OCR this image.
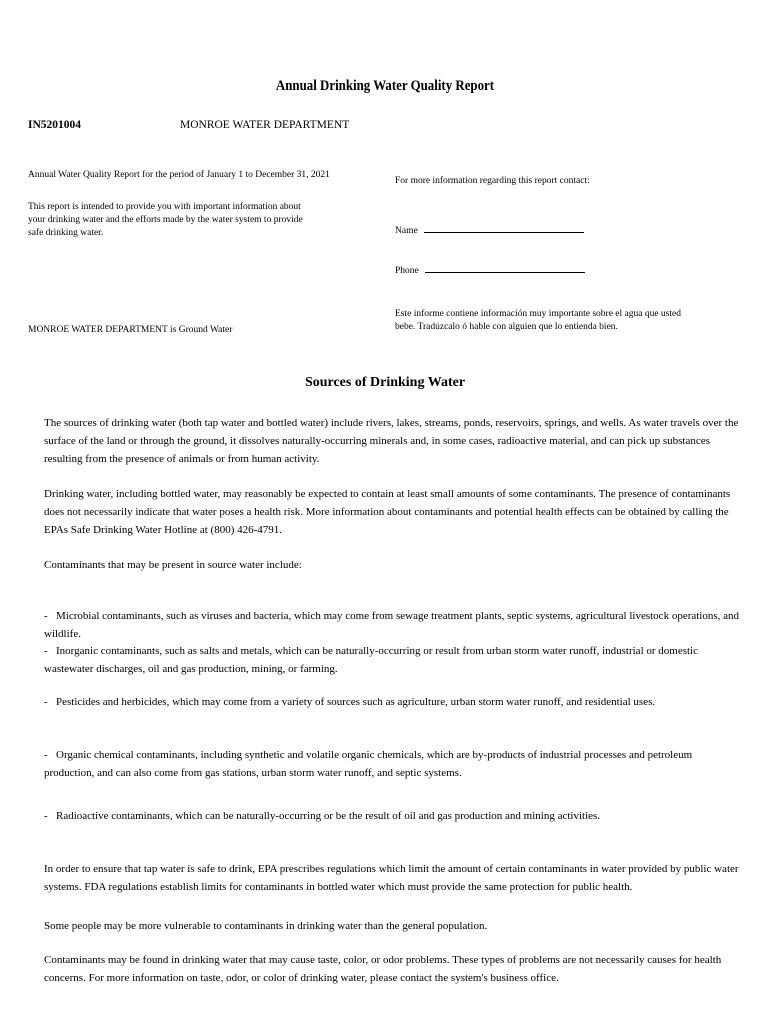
Annual Drinking Water Quality Report
IN5201004	MONROE WATER DEPARTMENT
Annual Water Quality Report for the period of January 1 to December 31, 2021
This report is intended to provide you with important information about your drinking water and the efforts made by the water system to provide safe drinking water.
For more information regarding this report contact:
Name
Phone
Este informe contiene información muy importante sobre el agua que usted bebe. Tradúzcalo ó hable con alguien que lo entienda bien.
MONROE WATER DEPARTMENT is Ground Water
Sources of Drinking Water
The sources of drinking water (both tap water and bottled water) include rivers, lakes, streams, ponds, reservoirs, springs, and wells. As water travels over the surface of the land or through the ground, it dissolves naturally-occurring minerals and, in some cases, radioactive material, and can pick up substances resulting from the presence of animals or from human activity.
Drinking water, including bottled water, may reasonably be expected to contain at least small amounts of some contaminants. The presence of contaminants does not necessarily indicate that water poses a health risk. More information about contaminants and potential health effects can be obtained by calling the EPAs Safe Drinking Water Hotline at (800) 426-4791.
Contaminants that may be present in source water include:
- Microbial contaminants, such as viruses and bacteria, which may come from sewage treatment plants, septic systems, agricultural livestock operations, and wildlife.
- Inorganic contaminants, such as salts and metals, which can be naturally-occurring or result from urban storm water runoff, industrial or domestic wastewater discharges, oil and gas production, mining, or farming.
- Pesticides and herbicides, which may come from a variety of sources such as agriculture, urban storm water runoff, and residential uses.
- Organic chemical contaminants, including synthetic and volatile organic chemicals, which are by-products of industrial processes and petroleum production, and can also come from gas stations, urban storm water runoff, and septic systems.
- Radioactive contaminants, which can be naturally-occurring or be the result of oil and gas production and mining activities.
In order to ensure that tap water is safe to drink, EPA prescribes regulations which limit the amount of certain contaminants in water provided by public water systems. FDA regulations establish limits for contaminants in bottled water which must provide the same protection for public health.
Some people may be more vulnerable to contaminants in drinking water than the general population.
Contaminants may be found in drinking water that may cause taste, color, or odor problems. These types of problems are not necessarily causes for health concerns. For more information on taste, odor, or color of drinking water, please contact the system's business office.
